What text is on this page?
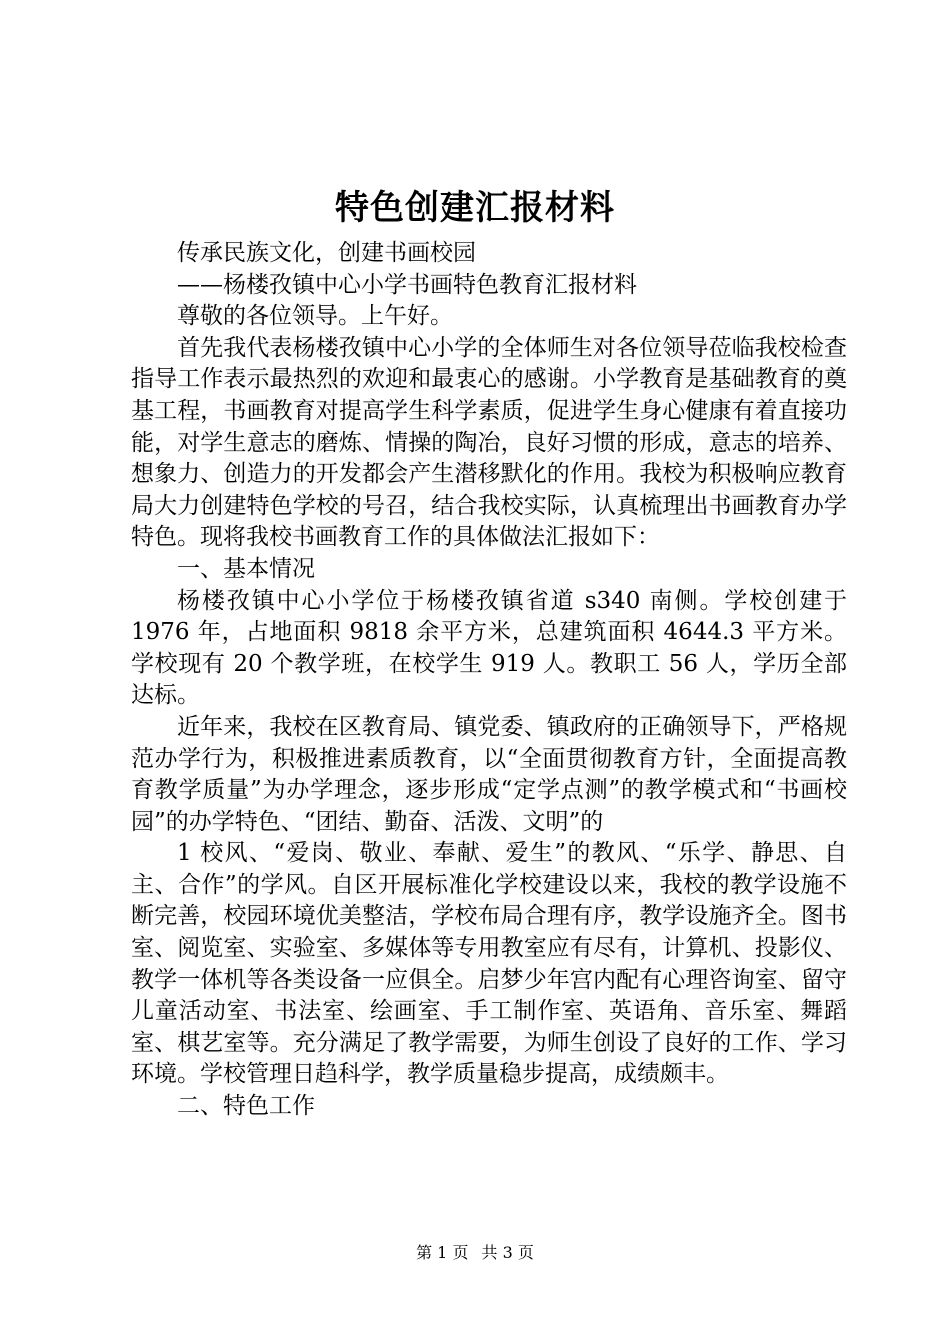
特色创建汇报材料

传承民族文化，创建书画校园

——杨楼孜镇中心小学书画特色教育汇报材料

尊敬的各位领导。上午好。

首先我代表杨楼孜镇中心小学的全体师生对各位领导莅临我校检查指导工作表示最热烈的欢迎和最衷心的感谢。小学教育是基础教育的奠基工程，书画教育对提高学生科学素质，促进学生身心健康有着直接功能，对学生意志的磨炼、情操的陶冶，良好习惯的形成，意志的培养、想象力、创造力的开发都会产生潜移默化的作用。我校为积极响应教育局大力创建特色学校的号召，结合我校实际，认真梳理出书画教育办学特色。现将我校书画教育工作的具体做法汇报如下：

一、基本情况

杨楼孜镇中心小学位于杨楼孜镇省道 s340 南侧。学校创建于 1976 年，占地面积 9818 余平方米，总建筑面积 4644.3 平方米。学校现有 20 个教学班，在校学生 919 人。教职工 56 人，学历全部达标。

近年来，我校在区教育局、镇党委、镇政府的正确领导下，严格规范办学行为，积极推进素质教育，以“全面贯彻教育方针，全面提高教育教学质量”为办学理念，逐步形成“定学点测”的教学模式和“书画校园”的办学特色、“团结、勤奋、活泼、文明”的

1 校风、“爱岗、敬业、奉献、爱生”的教风、“乐学、静思、自主、合作”的学风。自区开展标准化学校建设以来，我校的教学设施不断完善，校园环境优美整洁，学校布局合理有序，教学设施齐全。图书室、阅览室、实验室、多媒体等专用教室应有尽有，计算机、投影仪、教学一体机等各类设备一应俱全。启梦少年宫内配有心理咨询室、留守儿童活动室、书法室、绘画室、手工制作室、英语角、音乐室、舞蹈室、棋艺室等。充分满足了教学需要，为师生创设了良好的工作、学习环境。学校管理日趋科学，教学质量稳步提高，成绩颇丰。

二、特色工作

第 1 页 共 3 页
